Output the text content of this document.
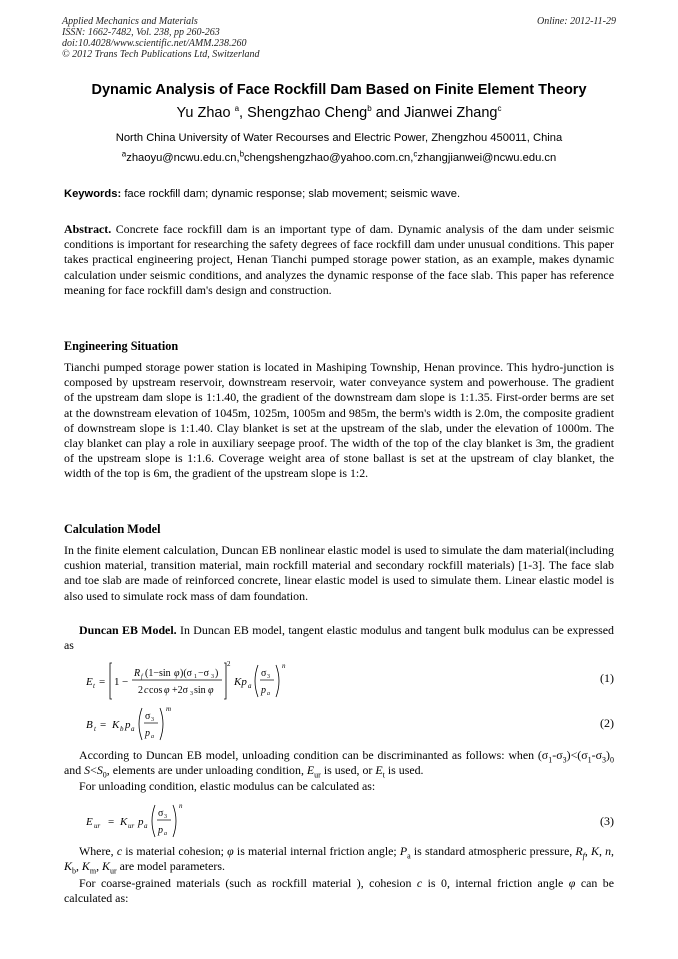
Applied Mechanics and Materials
ISSN: 1662-7482, Vol. 238, pp 260-263
doi:10.4028/www.scientific.net/AMM.238.260
© 2012 Trans Tech Publications Ltd, Switzerland
Online: 2012-11-29
Dynamic Analysis of Face Rockfill Dam Based on Finite Element Theory
Yu Zhao $^a$, Shengzhao Cheng$^b$ and Jianwei Zhang$^c$
North China University of Water Recourses and Electric Power, Zhengzhou 450011, China
$^a$zhaoyu@ncwu.edu.cn,$^b$chengshengzhao@yahoo.com.cn,$^c$zhangjianwei@ncwu.edu.cn
Keywords: face rockfill dam; dynamic response; slab movement; seismic wave.
Abstract. Concrete face rockfill dam is an important type of dam. Dynamic analysis of the dam under seismic conditions is important for researching the safety degrees of face rockfill dam under unusual conditions. This paper takes practical engineering project, Henan Tianchi pumped storage power station, as an example, makes dynamic calculation under seismic conditions, and analyzes the dynamic response of the face slab. This paper has reference meaning for face rockfill dam's design and construction.
Engineering Situation
Tianchi pumped storage power station is located in Mashiping Township, Henan province. This hydro-junction is composed by upstream reservoir, downstream reservoir, water conveyance system and powerhouse. The gradient of the upstream dam slope is 1:1.40, the gradient of the downstream dam slope is 1:1.35. First-order berms are set at the downstream elevation of 1045m, 1025m, 1005m and 985m, the berm's width is 2.0m, the composite gradient of downstream slope is 1:1.40. Clay blanket is set at the upstream of the slab, under the elevation of 1000m. The clay blanket can play a role in auxiliary seepage proof. The width of the top of the clay blanket is 3m, the gradient of the upstream slope is 1:1.6. Coverage weight area of stone ballast is set at the upstream of clay blanket, the width of the top is 6m, the gradient of the upstream slope is 1:2.
Calculation Model
In the finite element calculation, Duncan EB nonlinear elastic model is used to simulate the dam material(including cushion material, transition material, main rockfill material and secondary rockfill materials) [1-3]. The face slab and toe slab are made of reinforced concrete, linear elastic model is used to simulate them. Linear elastic model is also used to simulate rock mass of dam foundation.
Duncan EB Model. In Duncan EB model, tangent elastic modulus and tangent bulk modulus can be expressed as
E t = 1 −
R f (1−sin φ )(σ 1 −σ 3 )
2 c cos φ +2σ 3 sin φ
2
Kp a
σ 3
p a
n
(1)
B t = K b p a
σ 3
p a
m
(2)
According to Duncan EB model, unloading condition can be discriminanted as follows: when $(\sigma_1-\sigma_3)<(\sigma_1-\sigma_3)_0$ and $S<S_0$, elements are under unloading condition, $E_{ur}$ is used, or $E_t$ is used.
For unloading condition, elastic modulus can be calculated as:
E ur = K ur p a
σ 3
p a
n
(3)
Where, c is material cohesion; φ is material internal friction angle; $P_a$ is standard atmospheric pressure, $R_f$, K, n, $K_b$, $K_m$, $K_{ur}$ are model parameters.
For coarse-grained materials (such as rockfill material ), cohesion c is 0, internal friction angle φ can be calculated as:
